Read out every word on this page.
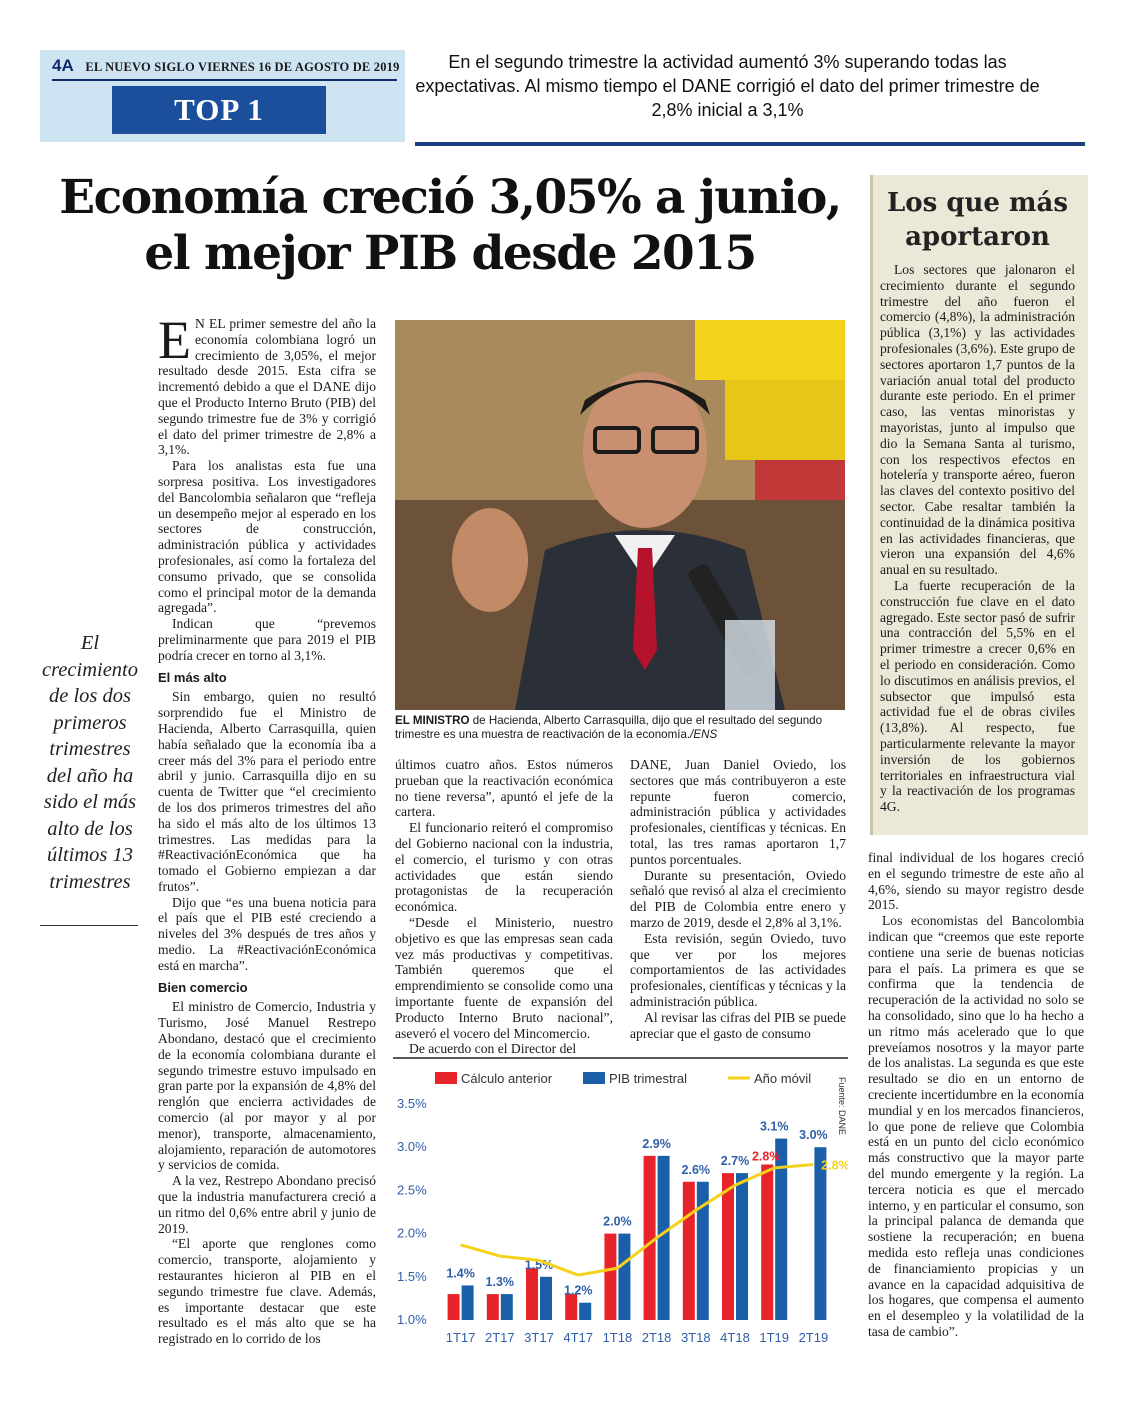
4A EL NUEVO SIGLO VIERNES 16 DE AGOSTO DE 2019
TOP 1
En el segundo trimestre la actividad aumentó 3% superando todas las expectativas. Al mismo tiempo el DANE corrigió el dato del primer trimestre de 2,8% inicial a 3,1%
Economía creció 3,05% a junio,
el mejor PIB desde 2015
El crecimiento de los dos primeros trimestres del año ha sido el más alto de los últimos 13 trimestres

E N EL primer semestre del año la economía colombiana logró un crecimiento de 3,05%, el mejor resultado desde 2015. Esta cifra se incrementó debido a que el DANE dijo que el Producto Interno Bruto (PIB) del segundo trimestre fue de 3% y corrigió el dato del primer trimestre de 2,8% a 3,1%.

Para los analistas esta fue una sorpresa positiva. Los investigadores del Bancolombia señalaron que “refleja un desempeño mejor al esperado en los sectores de construcción, administración pública y actividades profesionales, así como la fortaleza del consumo privado, que se consolida como el principal motor de la demanda agregada”.

Indican que “prevemos preliminarmente que para 2019 el PIB podría crecer en torno al 3,1%.

El más alto

Sin embargo, quien no resultó sorprendido fue el Ministro de Hacienda, Alberto Carrasquilla, quien había señalado que la economía iba a creer más del 3% para el periodo entre abril y junio. Carrasquilla dijo en su cuenta de Twitter que “el crecimiento de los dos primeros trimestres del año ha sido el más alto de los últimos 13 trimestres. Las medidas para la #ReactivaciónEconómica que ha tomado el Gobierno empiezan a dar frutos”.

Dijo que “es una buena noticia para el país que el PIB esté creciendo a niveles del 3% después de tres años y medio. La #ReactivaciónEconómica está en marcha”.

Bien comercio

El ministro de Comercio, Industria y Turismo, José Manuel Restrepo Abondano, destacó que el crecimiento de la economía colombiana durante el segundo trimestre estuvo impulsado en gran parte por la expansión de 4,8% del renglón que encierra actividades de comercio (al por mayor y al por menor), transporte, almacenamiento, alojamiento, reparación de automotores y servicios de comida.

A la vez, Restrepo Abondano precisó que la industria manufacturera creció a un ritmo del 0,6% entre abril y junio de 2019.

“El aporte que renglones como comercio, transporte, alojamiento y restaurantes hicieron al PIB en el segundo trimestre fue clave. Además, es importante destacar que este resultado es el más alto que se ha registrado en lo corrido de los

EL MINISTRO de Hacienda, Alberto Carrasquilla, dijo que el resultado del segundo trimestre es una muestra de reactivación de la economía./ENS

últimos cuatro años. Estos números prueban que la reactivación económica no tiene reversa”, apuntó el jefe de la cartera.

El funcionario reiteró el compromiso del Gobierno nacional con la industria, el comercio, el turismo y con otras actividades que están siendo protagonistas de la recuperación económica.

“Desde el Ministerio, nuestro objetivo es que las empresas sean cada vez más productivas y competitivas. También queremos que el emprendimiento se consolide como una importante fuente de expansión del Producto Interno Bruto nacional”, aseveró el vocero del Mincomercio.

De acuerdo con el Director del

DANE, Juan Daniel Oviedo, los sectores que más contribuyeron a este repunte fueron comercio, administración pública y actividades profesionales, científicas y técnicas. En total, las tres ramas aportaron 1,7 puntos porcentuales.

Durante su presentación, Oviedo señaló que revisó al alza el crecimiento del PIB de Colombia entre enero y marzo de 2019, desde el 2,8% al 3,1%.

Esta revisión, según Oviedo, tuvo que ver por los mejores comportamientos de las actividades profesionales, científicas y técnicas y la administración pública.

Al revisar las cifras del PIB se puede apreciar que el gasto de consumo

Los que más aportaron

Los sectores que jalonaron el crecimiento durante el segundo trimestre del año fueron el comercio (4,8%), la administración pública (3,1%) y las actividades profesionales (3,6%). Este grupo de sectores aportaron 1,7 puntos de la variación anual total del producto durante este periodo. En el primer caso, las ventas minoristas y mayoristas, junto al impulso que dio la Semana Santa al turismo, con los respectivos efectos en hotelería y transporte aéreo, fueron las claves del contexto positivo del sector. Cabe resaltar también la continuidad de la dinámica positiva en las actividades financieras, que vieron una expansión del 4,6% anual en su resultado.

La fuerte recuperación de la construcción fue clave en el dato agregado. Este sector pasó de sufrir una contracción del 5,5% en el primer trimestre a crecer 0,6% en el periodo en consideración. Como lo discutimos en análisis previos, el subsector que impulsó esta actividad fue el de obras civiles (13,8%). Al respecto, fue particularmente relevante la mayor inversión de los gobiernos territoriales en infraestructura vial y la reactivación de los programas 4G.

final individual de los hogares creció en el segundo trimestre de este año al 4,6%, siendo su mayor registro desde 2015.

Los economistas del Bancolombia indican que “creemos que este reporte contiene una serie de buenas noticias para el país. La primera es que se confirma que la tendencia de recuperación de la actividad no solo se ha consolidado, sino que lo ha hecho a un ritmo más acelerado que lo que preveíamos nosotros y la mayor parte de los analistas. La segunda es que este resultado se dio en un entorno de creciente incertidumbre en la economía mundial y en los mercados financieros, lo que pone de relieve que Colombia está en un punto del ciclo económico más constructivo que la mayor parte del mundo emergente y la región. La tercera noticia es que el mercado interno, y en particular el consumo, son la principal palanca de demanda que sostiene la recuperación; en buena medida esto refleja unas condiciones de financiamiento propicias y un avance en la capacidad adquisitiva de los hogares, que compensa el aumento en el desempleo y la volatilidad de la tasa de cambio”.

3.5%
3.0%
2.5%
2.0%
1.5%
1.0%
Cálculo anterior	PIB trimestral	Año móvil	Fuente: DANE
1.4%
1T17
1.3%
2T17
1.5%
3T17
1.2%
4T17
2.0%
1T18
2.9%
2T18
2.6%
3T18
2.7%
4T18
3.1%
1T19
3.0%
2T19
2.8%
2.8%
